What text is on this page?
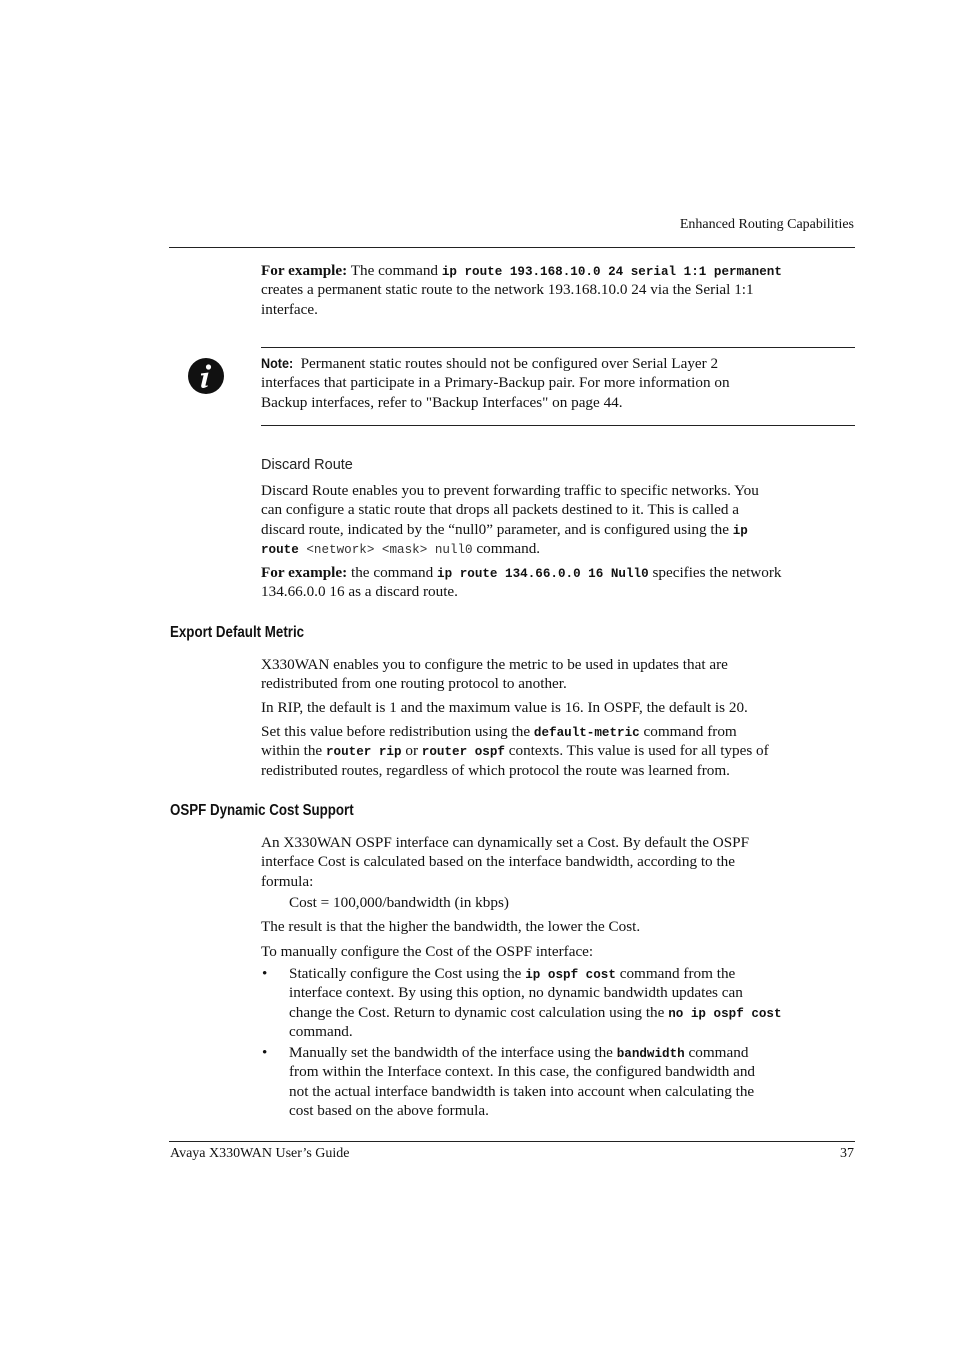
Enhanced Routing Capabilities
For example: The command ip route 193.168.10.0 24 serial 1:1 permanent
creates a permanent static route to the network 193.168.10.0 24 via the Serial 1:1
interface.
Note: Permanent static routes should not be configured over Serial Layer 2
interfaces that participate in a Primary-Backup pair. For more information on
Backup interfaces, refer to "Backup Interfaces" on page 44.
Discard Route
Discard Route enables you to prevent forwarding traffic to specific networks. You
can configure a static route that drops all packets destined to it. This is called a
discard route, indicated by the “null0” parameter, and is configured using the ip
route <network> <mask> null0 command.
For example: the command ip route 134.66.0.0 16 Null0 specifies the network
134.66.0.0 16 as a discard route.
Export Default Metric
X330WAN enables you to configure the metric to be used in updates that are
redistributed from one routing protocol to another.
In RIP, the default is 1 and the maximum value is 16. In OSPF, the default is 20.
Set this value before redistribution using the default-metric command from
within the router rip or router ospf contexts. This value is used for all types of
redistributed routes, regardless of which protocol the route was learned from.
OSPF Dynamic Cost Support
An X330WAN OSPF interface can dynamically set a Cost. By default the OSPF
interface Cost is calculated based on the interface bandwidth, according to the
formula:
Cost = 100,000/bandwidth (in kbps)
The result is that the higher the bandwidth, the lower the Cost.
To manually configure the Cost of the OSPF interface:
• Statically configure the Cost using the ip ospf cost command from the
interface context. By using this option, no dynamic bandwidth updates can
change the Cost. Return to dynamic cost calculation using the no ip ospf cost
command.
• Manually set the bandwidth of the interface using the bandwidth command
from within the Interface context. In this case, the configured bandwidth and
not the actual interface bandwidth is taken into account when calculating the
cost based on the above formula.
Avaya X330WAN User’s Guide	37
